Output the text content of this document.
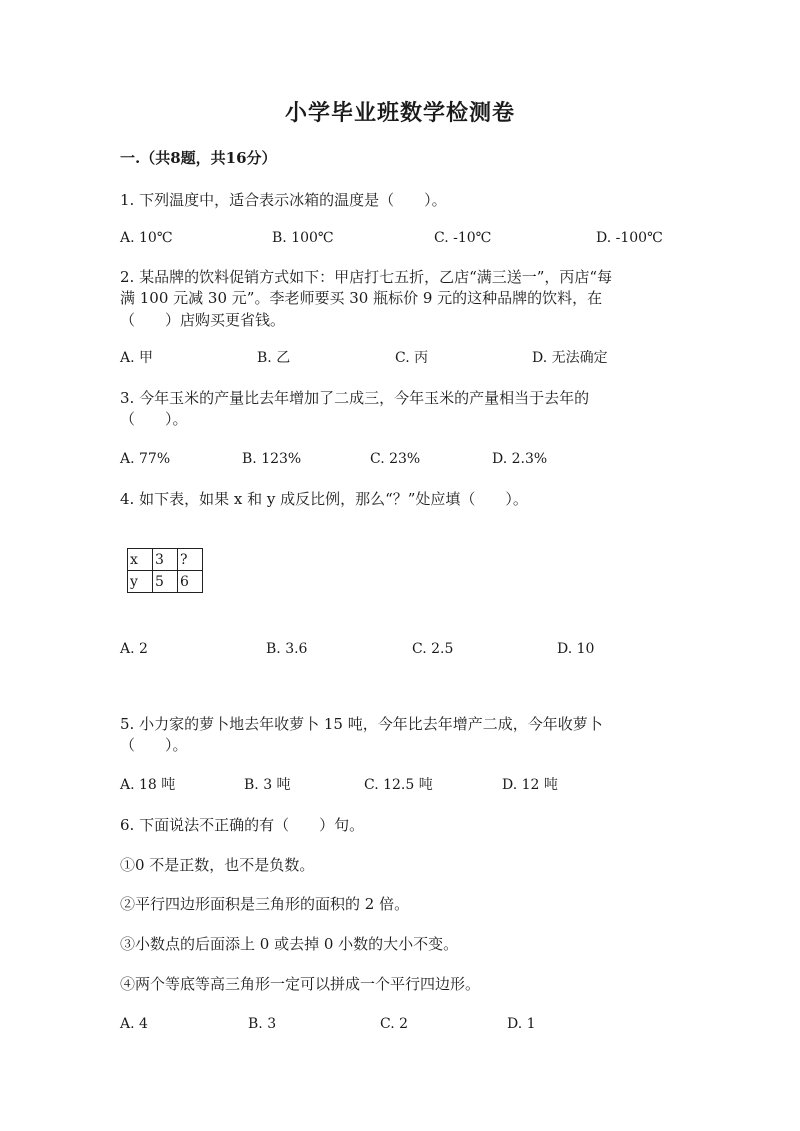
小学毕业班数学检测卷
一.（共8题，共16分）
1. 下列温度中，适合表示冰箱的温度是（　　）。
A. 10℃	B. 100℃	C. -10℃	D. -100℃
2. 某品牌的饮料促销方式如下：甲店打七五折，乙店“满三送一”，丙店“每
满 100 元减 30 元”。李老师要买 30 瓶标价 9 元的这种品牌的饮料，在
（　　）店购买更省钱。
A. 甲	B. 乙	C. 丙	D. 无法确定
3. 今年玉米的产量比去年增加了二成三，今年玉米的产量相当于去年的
（　　）。
A. 77%	B. 123%	C. 23%	D. 2.3%
4. 如下表，如果 x 和 y 成反比例，那么“？”处应填（　　）。
x	3	?
y	5	6
A. 2	B. 3.6	C. 2.5	D. 10
5. 小力家的萝卜地去年收萝卜 15 吨，今年比去年增产二成，今年收萝卜
（　　）。
A. 18 吨	B. 3 吨	C. 12.5 吨	D. 12 吨
6. 下面说法不正确的有（　　）句。
①0 不是正数，也不是负数。
②平行四边形面积是三角形的面积的 2 倍。
③小数点的后面添上 0 或去掉 0 小数的大小不变。
④两个等底等高三角形一定可以拼成一个平行四边形。
A. 4	B. 3	C. 2	D. 1
